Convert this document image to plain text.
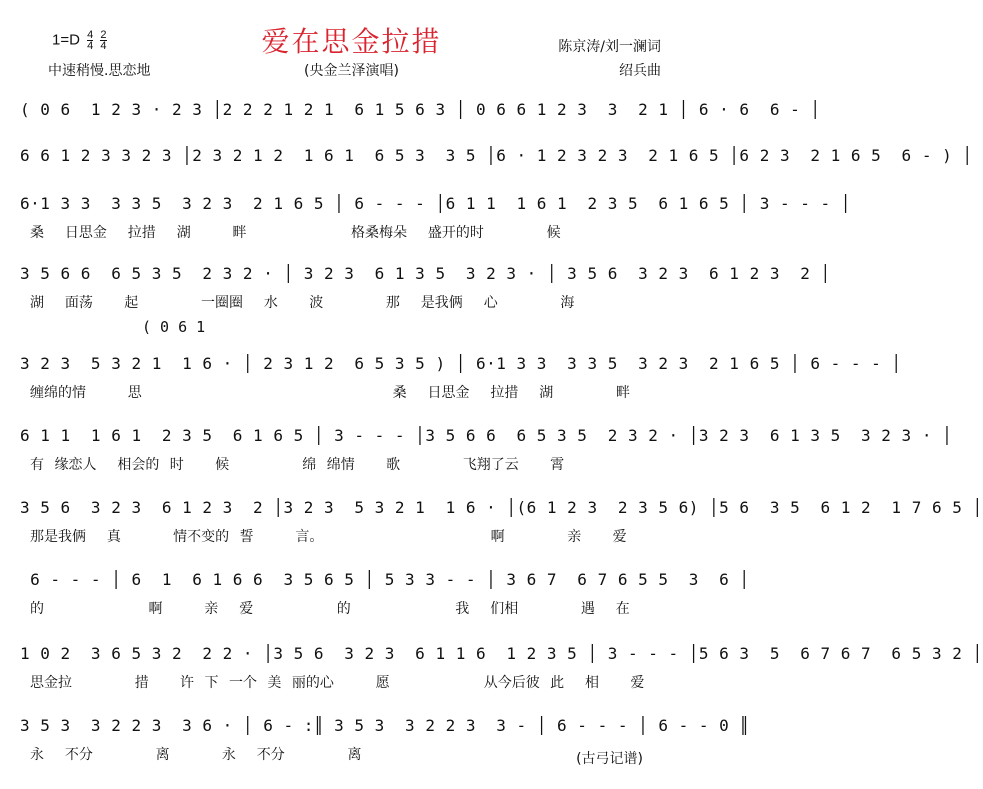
$1=D \frac{4}{4}$
$\frac{2}{4}$
中速稍慢.思恋地
爱在思金拉措
(央金兰泽演唱)
陈京涛/刘一澜词
绍兵曲
( 0 6  1 2 3 · 2 3 │2 2 2 1 2 1  6 1 5 6 3 │ 0 6 6 1 2 3  3  2 1 │ 6 · 6  6 - │
6 6 1 2 3 3 2 3 │2 3 2 1 2  1 6 1  6 5 3  3 5 │6 · 1 2 3 2 3  2 1 6 5 │6 2 3  2 1 6 5  6 - ) │
6·1 3 3  3 3 5  3 2 3  2 1 6 5 │ 6 - - - │6 1 1  1 6 1  2 3 5  6 1 6 5 │ 3 - - - │
桑  日思金  拉措  湖    畔          格桑梅朵  盛开的时      候
3 5 6 6  6 5 3 5  2 3 2 · │ 3 2 3  6 1 3 5  3 2 3 · │ 3 5 6  3 2 3  6 1 2 3  2 │
湖  面荡   起      一圈圈  水   波      那  是我俩  心      海
( 0 6 1
3 2 3  5 3 2 1  1 6 · │ 2 3 1 2  6 5 3 5 ) │ 6·1 3 3  3 3 5  3 2 3  2 1 6 5 │ 6 - - - │
缠绵的情    思                        桑  日思金  拉措  湖      畔
6 1 1  1 6 1  2 3 5  6 1 6 5 │ 3 - - - │3 5 6 6  6 5 3 5  2 3 2 · │3 2 3  6 1 3 5  3 2 3 · │
有 缘恋人  相会的 时   候       绵 绵情   歌      飞翔了云   霄
3 5 6  3 2 3  6 1 2 3  2 │3 2 3  5 3 2 1  1 6 · │(6 1 2 3  2 3 5 6) │5 6  3 5  6 1 2  1 7 6 5 │
那是我俩  真     情不变的 誓    言。                啊      亲   爱
6 - - - │ 6  1  6 1 6 6  3 5 6 5 │ 5 3 3 - - │ 3 6 7  6 7 6 5 5  3  6 │
的          啊    亲  爱        的          我  们相      遇  在
1 0 2  3 6 5 3 2  2 2 · │3 5 6  3 2 3  6 1 1 6  1 2 3 5 │ 3 - - - │5 6 3  5  6 7 6 7  6 5 3 2 │
思金拉      措   许 下 一个 美 丽的心    愿         从今后彼 此  相   爱
3 5 3  3 2 2 3  3 6 · │ 6 - :║ 3 5 3  3 2 2 3  3 - │ 6 - - - │ 6 - - 0 ║
永  不分      离     永  不分      离	(古弓记谱)
